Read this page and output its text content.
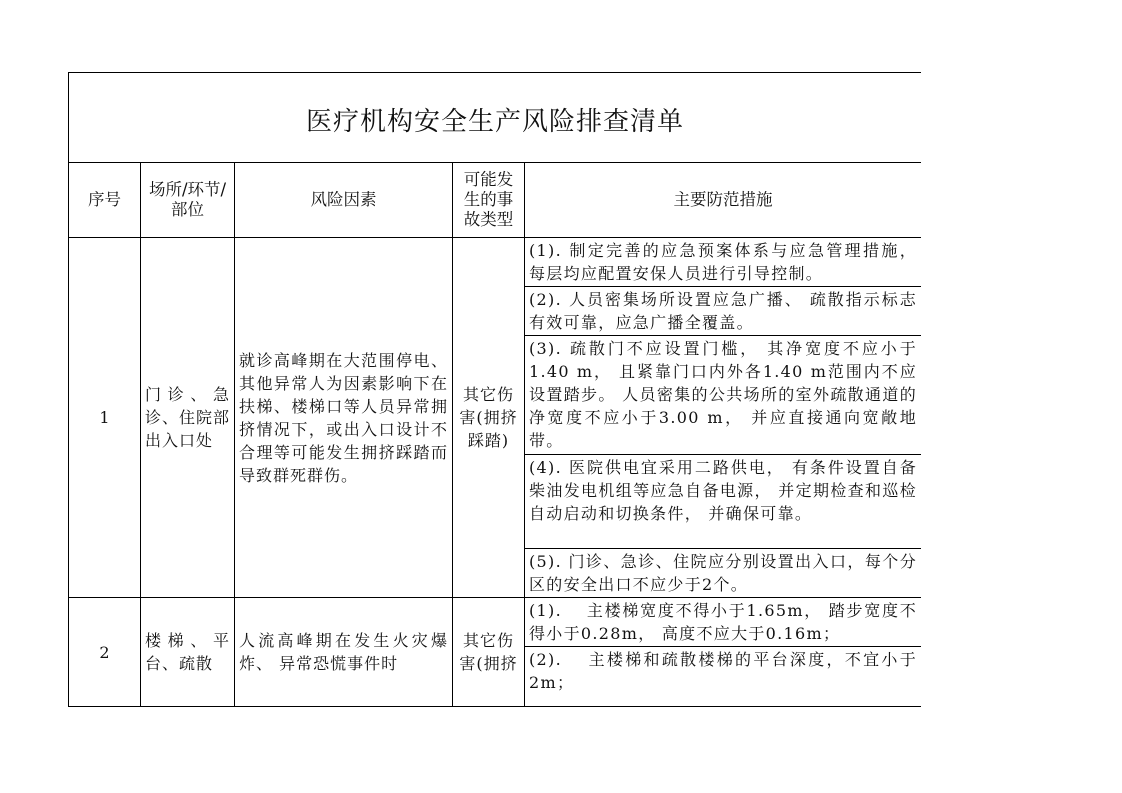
医疗机构安全生产风险排查清单				
序号	场所/环节/部位	风险因素	可能发生的事故类型	主要防范措施
1	门诊、急诊、住院部出入口处	就诊高峰期在大范围停电、 其他异常人为因素影响下在扶梯、楼梯口等人员异常拥挤情况下，或出入口设计不合理等可能发生拥挤踩踏而导致群死群伤。	其它伤害(拥挤踩踏)	(1). 制定完善的应急预案体系与应急管理措施， 每层均应配置安保人员进行引导控制。
				(2). 人员密集场所设置应急广播、 疏散指示标志有效可靠，应急广播全覆盖。
				(3). 疏散门不应设置门槛， 其净宽度不应小于1.40 m， 且紧靠门口内外各1.40 m范围内不应设置踏步。 人员密集的公共场所的室外疏散通道的净宽度不应小于3.00 m， 并应直接通向宽敞地带。
				(4). 医院供电宜采用二路供电， 有条件设置自备柴油发电机组等应急自备电源， 并定期检查和巡检自动启动和切换条件， 并确保可靠。
				(5). 门诊、急诊、住院应分别设置出入口，每个分区的安全出口不应少于2个。
2	楼梯、平台、疏散	人流高峰期在发生火灾爆炸、 异常恐慌事件时	其它伤害(拥挤	(1).　 主楼梯宽度不得小于1.65m， 踏步宽度不得小于0.28m， 高度不应大于0.16m；
				(2).　 主楼梯和疏散楼梯的平台深度，不宜小于2m；
